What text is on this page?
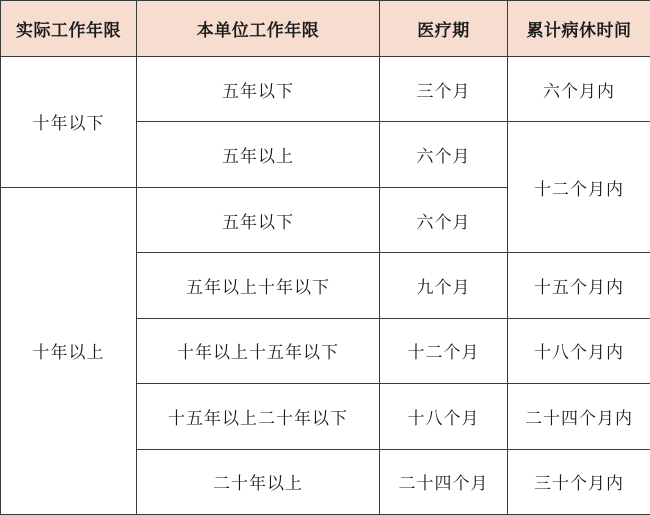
实际工作年限	本单位工作年限	医疗期	累计病休时间
十年以下	五年以下	三个月	六个月内
	五年以上	六个月	十二个月内
十年以上	五年以下	六个月	
	五年以上十年以下	九个月	十五个月内
	十年以上十五年以下	十二个月	十八个月内
	十五年以上二十年以下	十八个月	二十四个月内
	二十年以上	二十四个月	三十个月内
